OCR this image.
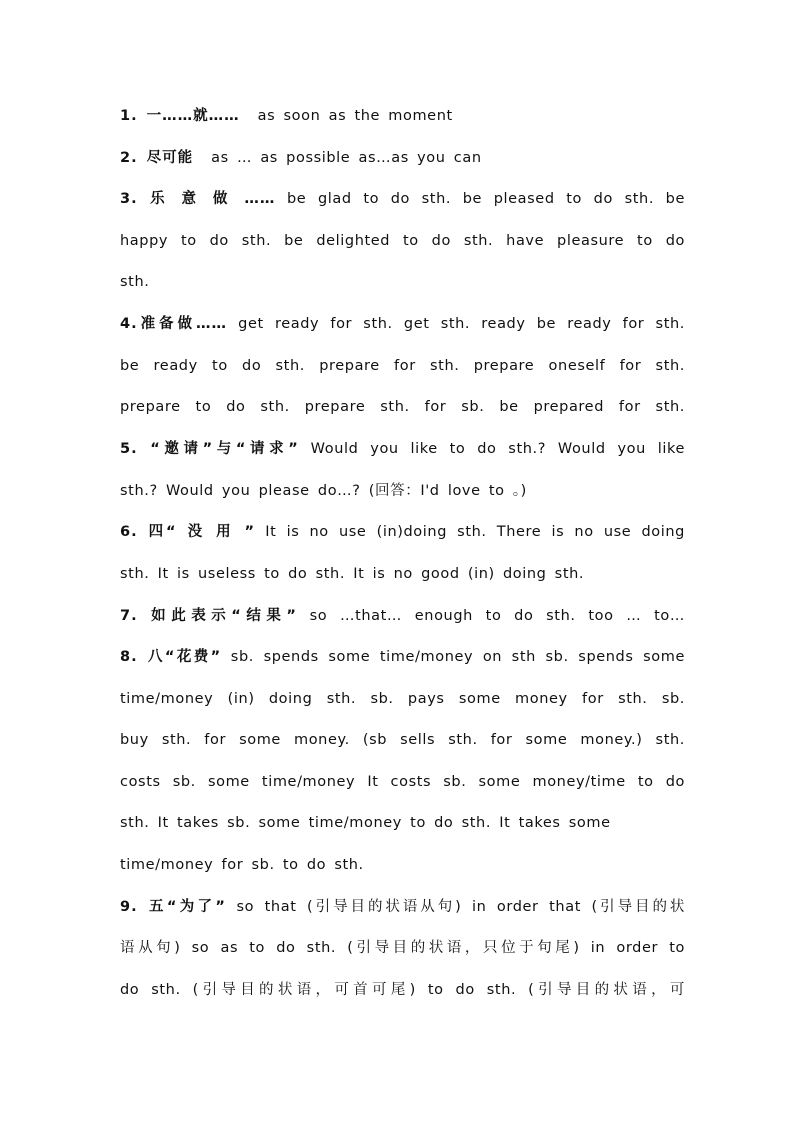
1. 一……就…… as soon as the moment
2. 尽可能 as … as possible as…as you can
3. 乐 意 做 …… be glad to do sth. be pleased to do sth. be
happy to do sth. be delighted to do sth. have pleasure to do
sth.
4.准备做…… get ready for sth. get sth. ready be ready for sth.
be ready to do sth. prepare for sth. prepare oneself for sth.
prepare to do sth. prepare sth. for sb. be prepared for sth.
5. “邀请”与“请求” Would you like to do sth.? Would you like
sth.? Would you please do…? (回答：I'd love to 。)
6. 四“ 没 用 ” It is no use (in)doing sth. There is no use doing
sth. It is useless to do sth. It is no good (in) doing sth.
7. 如此表示“结果” so …that… enough to do sth. too … to…
8. 八“花费” sb. spends some time/money on sth sb. spends some
time/money (in) doing sth. sb. pays some money for sth. sb.
buy sth. for some money. (sb sells sth. for some money.) sth.
costs sb. some time/money It costs sb. some money/time to do
sth. It takes sb. some time/money to do sth. It takes some
time/money for sb. to do sth.
9. 五“为了” so that (引导目的状语从句) in order that (引导目的状
语从句) so as to do sth. (引导目的状语，只位于句尾) in order to
do sth. (引导目的状语，可首可尾) to do sth. (引导目的状语，可
